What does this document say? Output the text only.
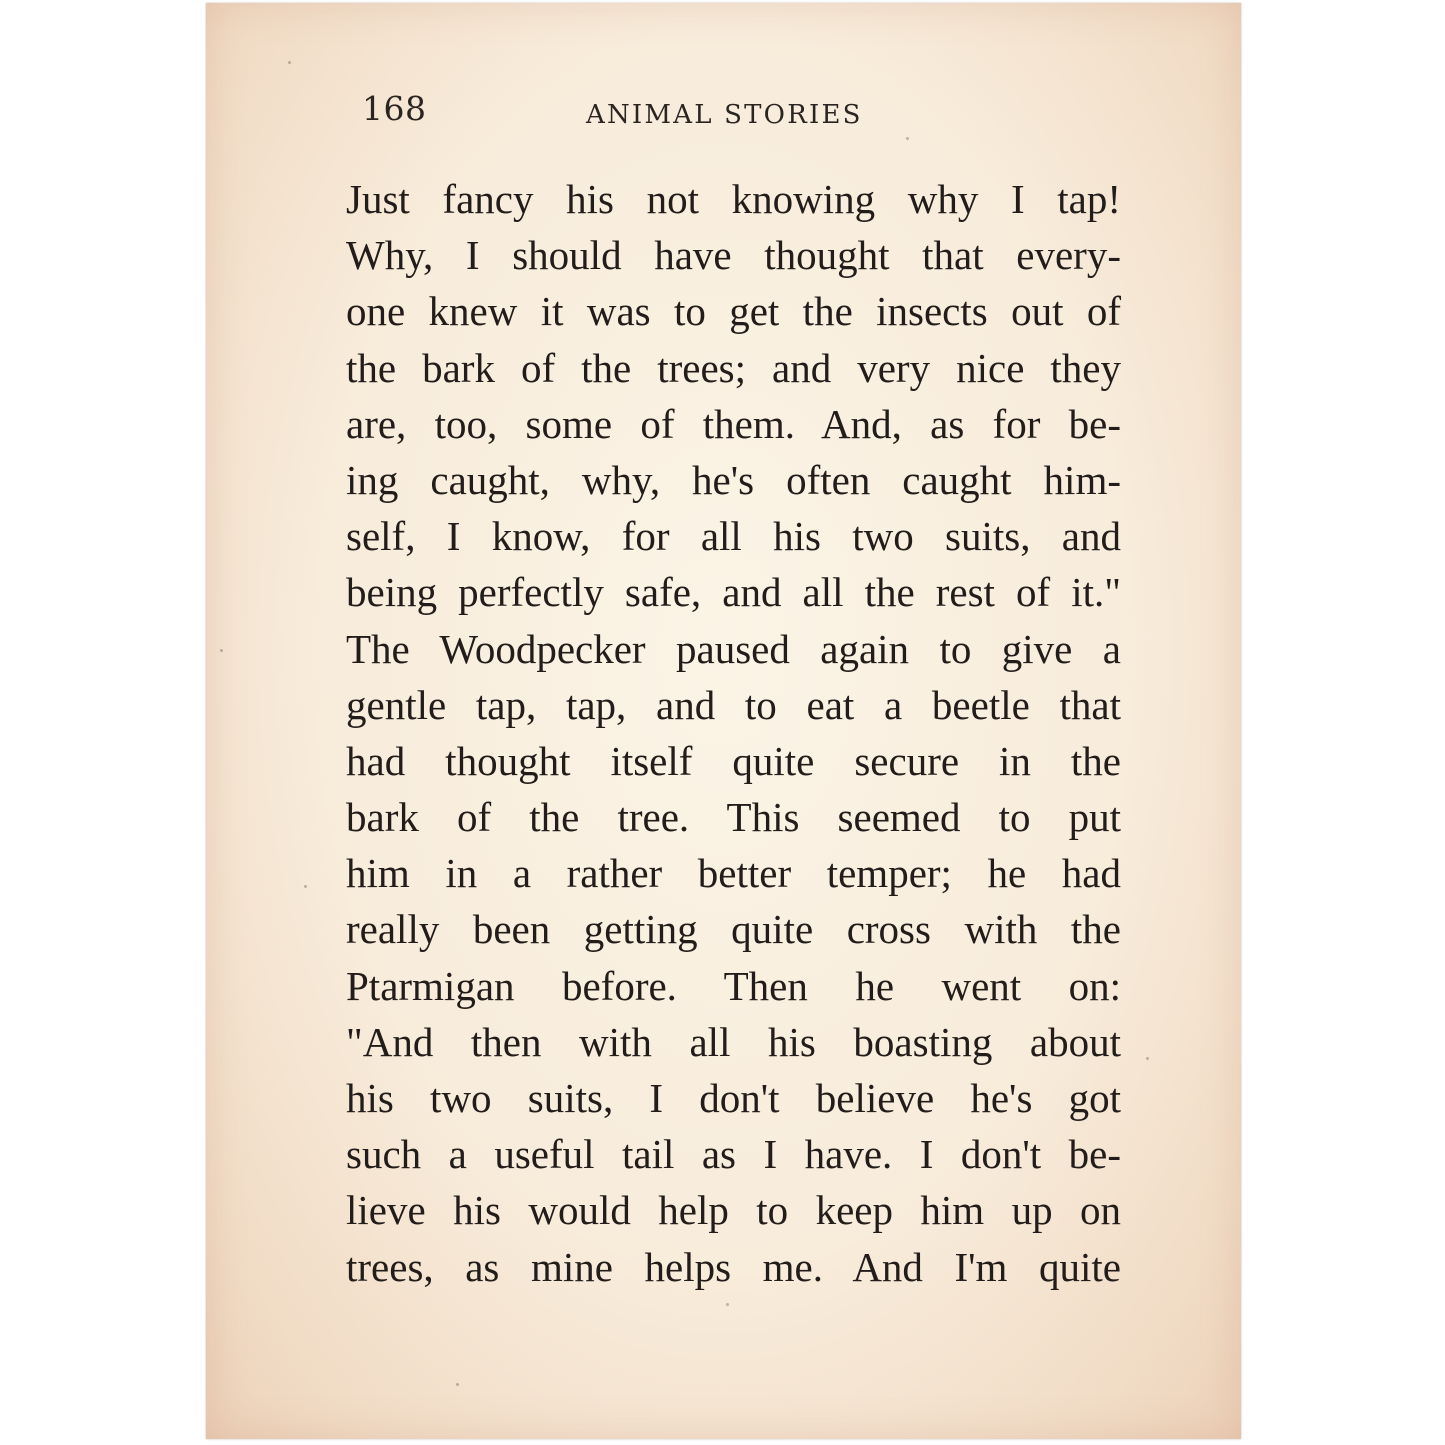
168	ANIMAL STORIES
Just fancy his not knowing why I tap!
Why, I should have thought that every-
one knew it was to get the insects out of
the bark of the trees; and very nice they
are, too, some of them. And, as for be-
ing caught, why, he's often caught him-
self, I know, for all his two suits, and
being perfectly safe, and all the rest of it."
The Woodpecker paused again to give a
gentle tap, tap, and to eat a beetle that
had thought itself quite secure in the
bark of the tree. This seemed to put
him in a rather better temper; he had
really been getting quite cross with the
Ptarmigan before. Then he went on:
"And then with all his boasting about
his two suits, I don't believe he's got
such a useful tail as I have. I don't be-
lieve his would help to keep him up on
trees, as mine helps me. And I'm quite
